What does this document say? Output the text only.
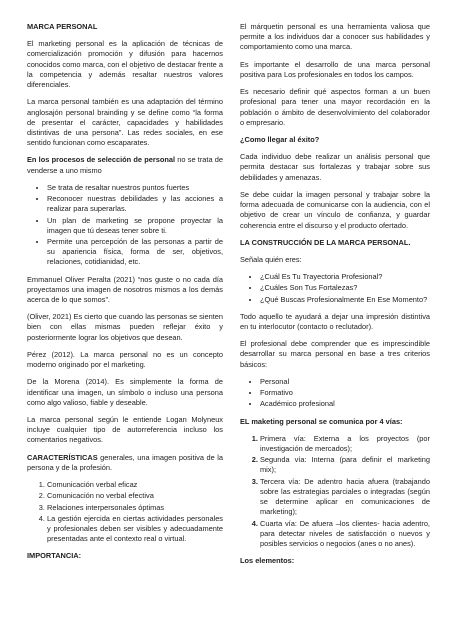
MARCA PERSONAL

El marketing personal es la aplicación de técnicas de comercialización promoción y difusión para hacernos conocidos como marca, con el objetivo de destacar frente a la competencia y además resaltar nuestros valores diferenciales.

La marca personal también es una adaptación del término anglosajón personal brainding y se define como “la forma de presentar el carácter, capacidades y habilidades distintivas de una persona”. Las redes sociales, en ese sentido funcionan como escaparates.

En los procesos de selección de personal no se trata de venderse a uno mismo

• Se trata de resaltar nuestros puntos fuertes
• Reconocer nuestras debilidades y las acciones a realizar para superarlas.
• Un plan de marketing se propone proyectar la imagen que tú deseas tener sobre ti.
• Permite una percepción de las personas a partir de su apariencia física, forma de ser, objetivos, relaciones, cotidianidad, etc.

Emmanuel Oliver Peralta (2021) “nos guste o no cada día proyectamos una imagen de nosotros mismos a los demás acerca de lo que somos”.

(Oliver, 2021) Es cierto que cuando las personas se sienten bien con ellas mismas pueden reflejar éxito y posteriormente lograr los objetivos que desean.

Pérez (2012). La marca personal no es un concepto moderno originado por el marketing.

De la Morena (2014). Es simplemente la forma de identificar una imagen, un símbolo o incluso una persona como algo valioso, fiable y deseable.

La marca personal según le entiende Logan Molyneux incluye cualquier tipo de autorreferencia incluso los comentarios negativos.

CARACTERÍSTICAS generales, una imagen positiva de la persona y de la profesión.

1. Comunicación verbal eficaz
2. Comunicación no verbal efectiva
3. Relaciones interpersonales óptimas
4. La gestión ejercida en ciertas actividades personales y profesionales deben ser visibles y adecuadamente presentadas ante el contexto real o virtual.

IMPORTANCIA:

El márquetin personal es una herramienta valiosa que permite a los individuos dar a conocer sus habilidades y comportamiento como una marca.

Es importante el desarrollo de una marca personal positiva para Los profesionales en todos los campos.

Es necesario definir qué aspectos forman a un buen profesional para tener una mayor recordación en la población o ámbito de desenvolvimiento del colaborador o empresario.

¿Como llegar al éxito?

Cada individuo debe realizar un análisis personal que permita destacar sus fortalezas y trabajar sobre sus debilidades y amenazas.

Se debe cuidar la imagen personal y trabajar sobre la forma adecuada de comunicarse con la audiencia, con el objetivo de crear un vínculo de confianza, y guardar coherencia entre el discurso y el producto ofertado.

LA CONSTRUCCIÓN DE LA MARCA PERSONAL.

Señala quién eres:

• ¿Cuál Es Tu Trayectoria Profesional?
• ¿Cuáles Son Tus Fortalezas?
• ¿Qué Buscas Profesionalmente En Ese Momento?

Todo aquello te ayudará a dejar una impresión distintiva en tu interlocutor (contacto o reclutador).

El profesional debe comprender que es imprescindible desarrollar su marca personal en base a tres criterios básicos:

• Personal
• Formativo
• Académico profesional

EL maketing personal se comunica por 4 vías:

1. Primera vía: Externa a los proyectos (por investigación de mercados);
2. Segunda vía: Interna (para definir el marketing mix);
3. Tercera vía: De adentro hacia afuera (trabajando sobre las estrategias parciales o integradas (según se determine aplicar en comunicaciones de marketing);
4. Cuarta vía: De afuera –los clientes- hacia adentro, para detectar niveles de satisfacción o nuevos y posibles servicios o negocios (anes o no anes).

Los elementos:
